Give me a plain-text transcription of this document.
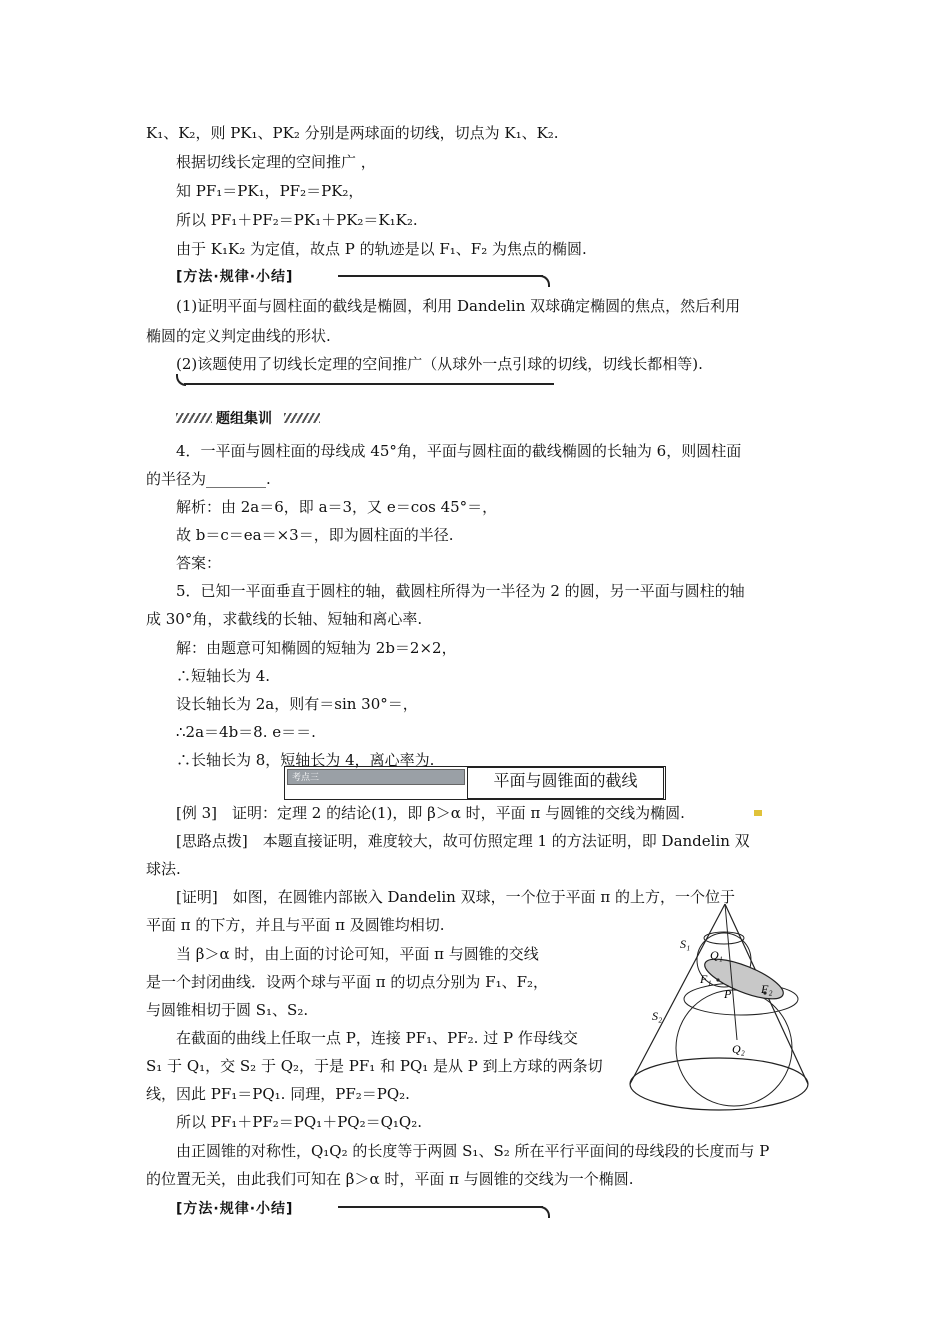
K₁、K₂，则 PK₁、PK₂ 分别是两球面的切线，切点为 K₁、K₂.
根据切线长定理的空间推广 ，
知 PF₁＝PK₁，PF₂＝PK₂，
所以 PF₁＋PF₂＝PK₁＋PK₂＝K₁K₂.
由于 K₁K₂ 为定值，故点 P 的轨迹是以 F₁、F₂ 为焦点的椭圆.
[方法·规律·小结]
(1)证明平面与圆柱面的截线是椭圆，利用 Dandelin 双球确定椭圆的焦点，然后利用
椭圆的定义判定曲线的形状.
(2)该题使用了切线长定理的空间推广（从球外一点引球的切线，切线长都相等).
题组集训
4．一平面与圆柱面的母线成 45°角，平面与圆柱面的截线椭圆的长轴为 6，则圆柱面
的半径为________.
解析：由 2a＝6，即 a＝3，又 e＝cos 45°＝，
故 b＝c＝ea＝×3＝，即为圆柱面的半径.
答案：
5．已知一平面垂直于圆柱的轴，截圆柱所得为一半径为 2 的圆，另一平面与圆柱的轴
成 30°角，求截线的长轴、短轴和离心率.
解：由题意可知椭圆的短轴为 2b＝2×2，
∴短轴长为 4.
设长轴长为 2a，则有＝sin 30°＝，
∴2a＝4b＝8. e＝＝.
∴长轴长为 8，短轴长为 4，离心率为.
考点三	平面与圆锥面的截线
[例 3]　证明：定理 2 的结论(1)，即 β＞α 时，平面 π 与圆锥的交线为椭圆.
[思路点拨]　本题直接证明，难度较大，故可仿照定理 1 的方法证明，即 Dandelin 双
球法.
[证明]　如图，在圆锥内部嵌入 Dandelin 双球，一个位于平面 π 的上方，一个位于
平面 π 的下方，并且与平面 π 及圆锥均相切.
当 β＞α 时，由上面的讨论可知，平面 π 与圆锥的交线
是一个封闭曲线．设两个球与平面 π 的切点分别为 F₁、F₂，
与圆锥相切于圆 S₁、S₂.
在截面的曲线上任取一点 P，连接 PF₁、PF₂. 过 P 作母线交
S₁ 于 Q₁，交 S₂ 于 Q₂，于是 PF₁ 和 PQ₁ 是从 P 到上方球的两条切
线，因此 PF₁＝PQ₁. 同理，PF₂＝PQ₂.
所以 PF₁＋PF₂＝PQ₁＋PQ₂＝Q₁Q₂.
由正圆锥的对称性，Q₁Q₂ 的长度等于两圆 S₁、S₂ 所在平行平面间的母线段的长度而与 P
的位置无关，由此我们可知在 β＞α 时，平面 π 与圆锥的交线为一个椭圆.
S₁
Q₁
F₁
P F₂
S₂
Q₂
[方法·规律·小结]
